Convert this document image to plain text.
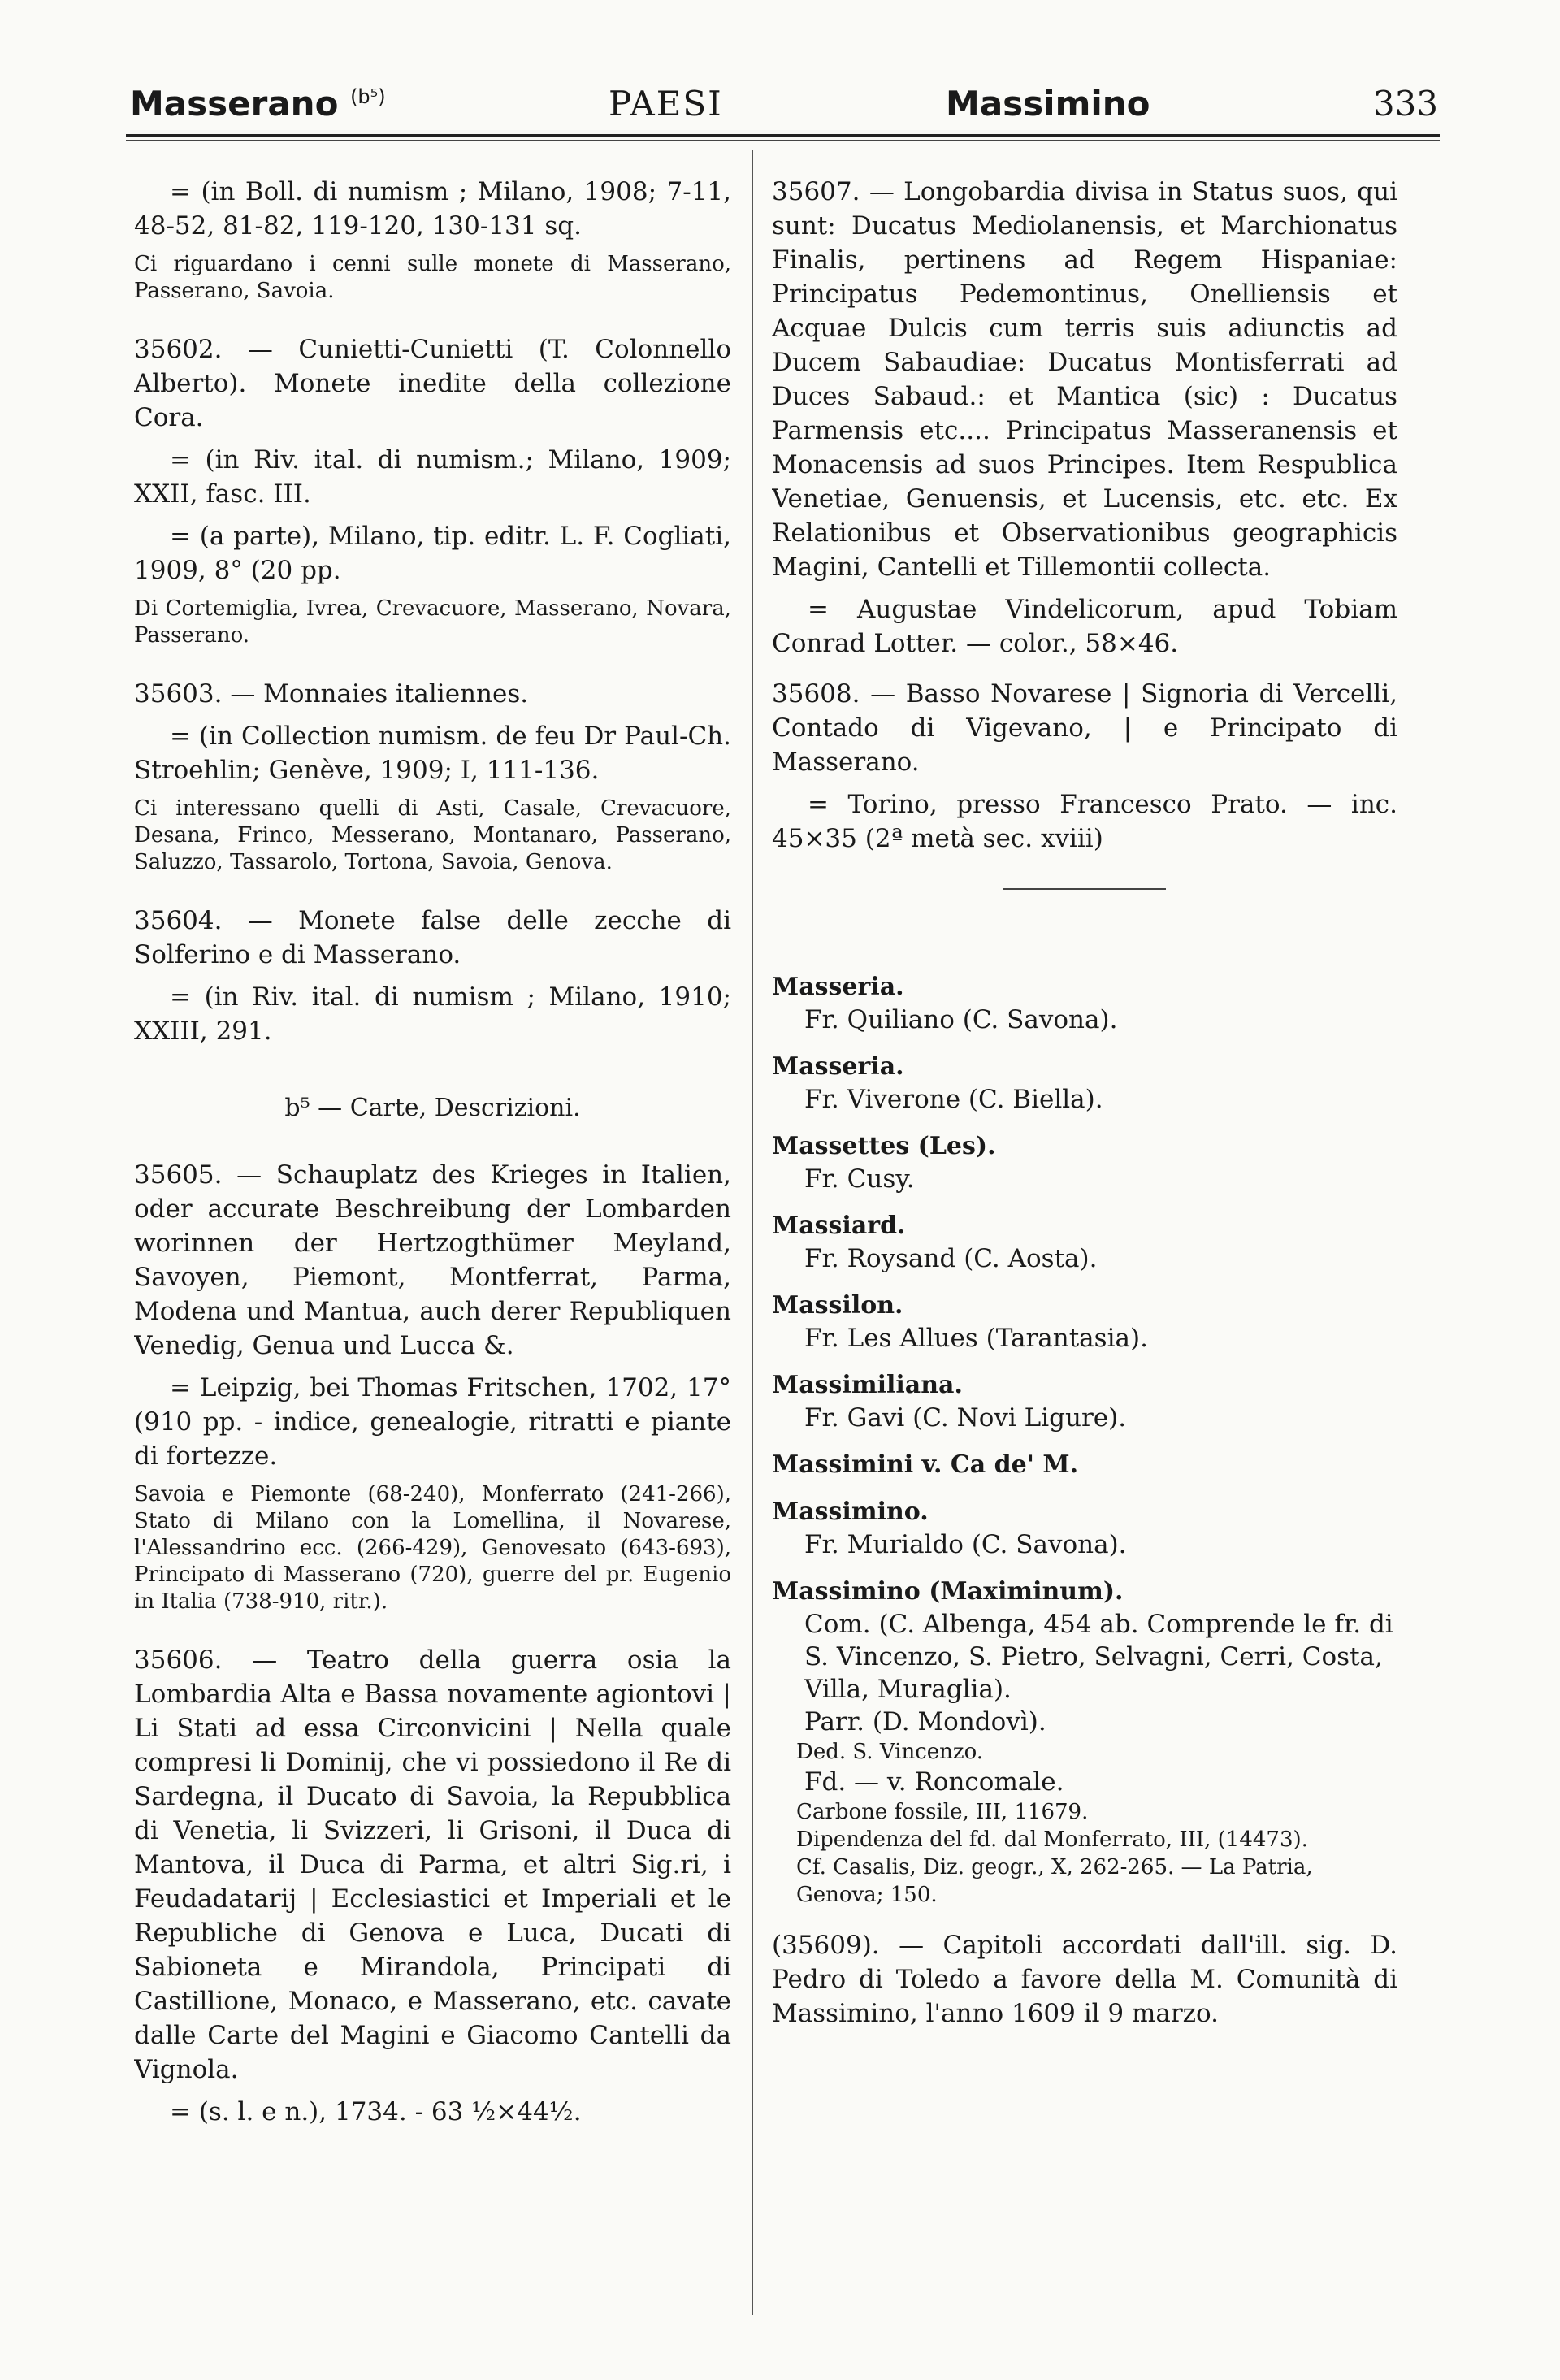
Masserano $^{(b^5)}$	PAESI	Massimino	333
= (in Boll. di numism ; Milano, 1908; 7-11, 48-52, 81-82, 119-120, 130-131 sq.
Ci riguardano i cenni sulle monete di Masserano, Passerano, Savoia.
35602. — Cunietti-Cunietti (T. Colonnello Alberto). Monete inedite della collezione Cora.
= (in Riv. ital. di numism.; Milano, 1909; XXII, fasc. III.
= (a parte), Milano, tip. editr. L. F. Cogliati, 1909, 8° (20 pp.
Di Cortemiglia, Ivrea, Crevacuore, Masserano, Novara, Passerano.
35603. — Monnaies italiennes.
= (in Collection numism. de feu Dr Paul-Ch. Stroehlin; Genève, 1909; I, 111-136.
Ci interessano quelli di Asti, Casale, Crevacuore, Desana, Frinco, Messerano, Montanaro, Passerano, Saluzzo, Tassarolo, Tortona, Savoia, Genova.
35604. — Monete false delle zecche di Solferino e di Masserano.
= (in Riv. ital. di numism ; Milano, 1910; XXIII, 291.
b⁵ — Carte, Descrizioni.
35605. — Schauplatz des Krieges in Italien, oder accurate Beschreibung der Lombarden worinnen der Hertzogthümer Meyland, Savoyen, Piemont, Montferrat, Parma, Modena und Mantua, auch derer Republiquen Venedig, Genua und Lucca &.
= Leipzig, bei Thomas Fritschen, 1702, 17° (910 pp. - indice, genealogie, ritratti e piante di fortezze.
Savoia e Piemonte (68-240), Monferrato (241-266), Stato di Milano con la Lomellina, il Novarese, l'Alessandrino ecc. (266-429), Genovesato (643-693), Principato di Masserano (720), guerre del pr. Eugenio in Italia (738-910, ritr.).
35606. — Teatro della guerra osia la Lombardia Alta e Bassa novamente agiontovi | Li Stati ad essa Circonvicini | Nella quale compresi li Dominij, che vi possiedono il Re di Sardegna, il Ducato di Savoia, la Repubblica di Venetia, li Svizzeri, li Grisoni, il Duca di Mantova, il Duca di Parma, et altri Sig.ri, i Feudadatarij | Ecclesiastici et Imperiali et le Republiche di Genova e Luca, Ducati di Sabioneta e Mirandola, Principati di Castillione, Monaco, e Masserano, etc. cavate dalle Carte del Magini e Giacomo Cantelli da Vignola.
= (s. l. e n.), 1734. - 63 ½×44½.
35607. — Longobardia divisa in Status suos, qui sunt: Ducatus Mediolanensis, et Marchionatus Finalis, pertinens ad Regem Hispaniae: Principatus Pedemontinus, Onelliensis et Acquae Dulcis cum terris suis adiunctis ad Ducem Sabaudiae: Ducatus Montisferrati ad Duces Sabaud.: et Mantica (sic) : Ducatus Parmensis etc.... Principatus Masseranensis et Monacensis ad suos Principes. Item Respublica Venetiae, Genuensis, et Lucensis, etc. etc. Ex Relationibus et Observationibus geographicis Magini, Cantelli et Tillemontii collecta.
= Augustae Vindelicorum, apud Tobiam Conrad Lotter. — color., 58×46.
35608. — Basso Novarese | Signoria di Vercelli, Contado di Vigevano, | e Principato di Masserano.
= Torino, presso Francesco Prato. — inc. 45×35 (2ª metà sec. xviii)
Masseria.
Fr. Quiliano (C. Savona).
Masseria.
Fr. Viverone (C. Biella).
Massettes (Les).
Fr. Cusy.
Massiard.
Fr. Roysand (C. Aosta).
Massilon.
Fr. Les Allues (Tarantasia).
Massimiliana.
Fr. Gavi (C. Novi Ligure).
Massimini v. Ca de' M.
Massimino.
Fr. Murialdo (C. Savona).
Massimino (Maximinum).
Com. (C. Albenga, 454 ab. Comprende le fr. di S. Vincenzo, S. Pietro, Selvagni, Cerri, Costa, Villa, Muraglia).
Parr. (D. Mondovì).
Ded. S. Vincenzo.
Fd. — v. Roncomale.
Carbone fossile, III, 11679.
Dipendenza del fd. dal Monferrato, III, (14473).
Cf. Casalis, Diz. geogr., X, 262-265. — La Patria, Genova; 150.
(35609). — Capitoli accordati dall'ill. sig. D. Pedro di Toledo a favore della M. Comunità di Massimino, l'anno 1609 il 9 marzo.
